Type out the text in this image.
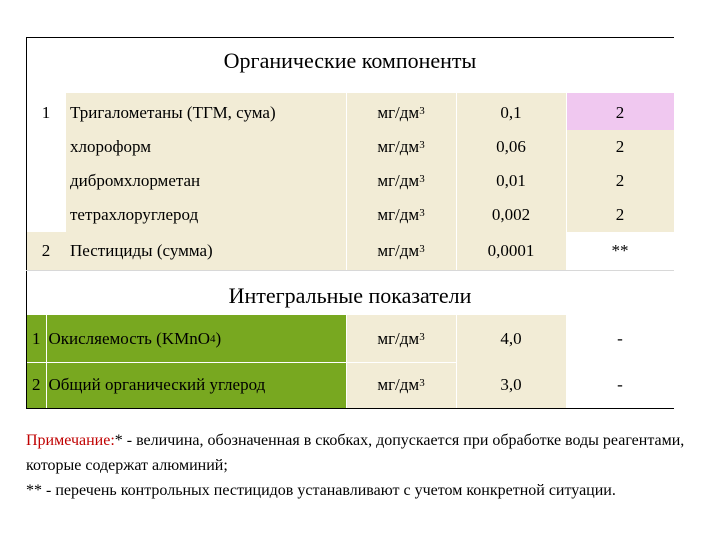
Органические компоненты
1	Тригалометаны (ТГМ, сума)	$мг/дм^3$	0,1	2
хлороформ	$мг/дм^3$	0,06	2
дибромхлорметан	$мг/дм^3$	0,01	2
тетрахлоруглерод	$мг/дм^3$	0,002	2
2	Пестициды (сумма)	$мг/дм^3$	0,0001	**
Интегральные показатели
1 Окисляемость (KMnO 4 )	$мг/дм^3$	4,0	-
2 Общий органический углерод	$мг/дм^3$	3,0	-
Примечание:* - величина, обозначенная в скобках, допускается при обработке воды реагентами, которые содержат алюминий;
** - перечень контрольных пестицидов устанавливают с учетом конкретной ситуации.
